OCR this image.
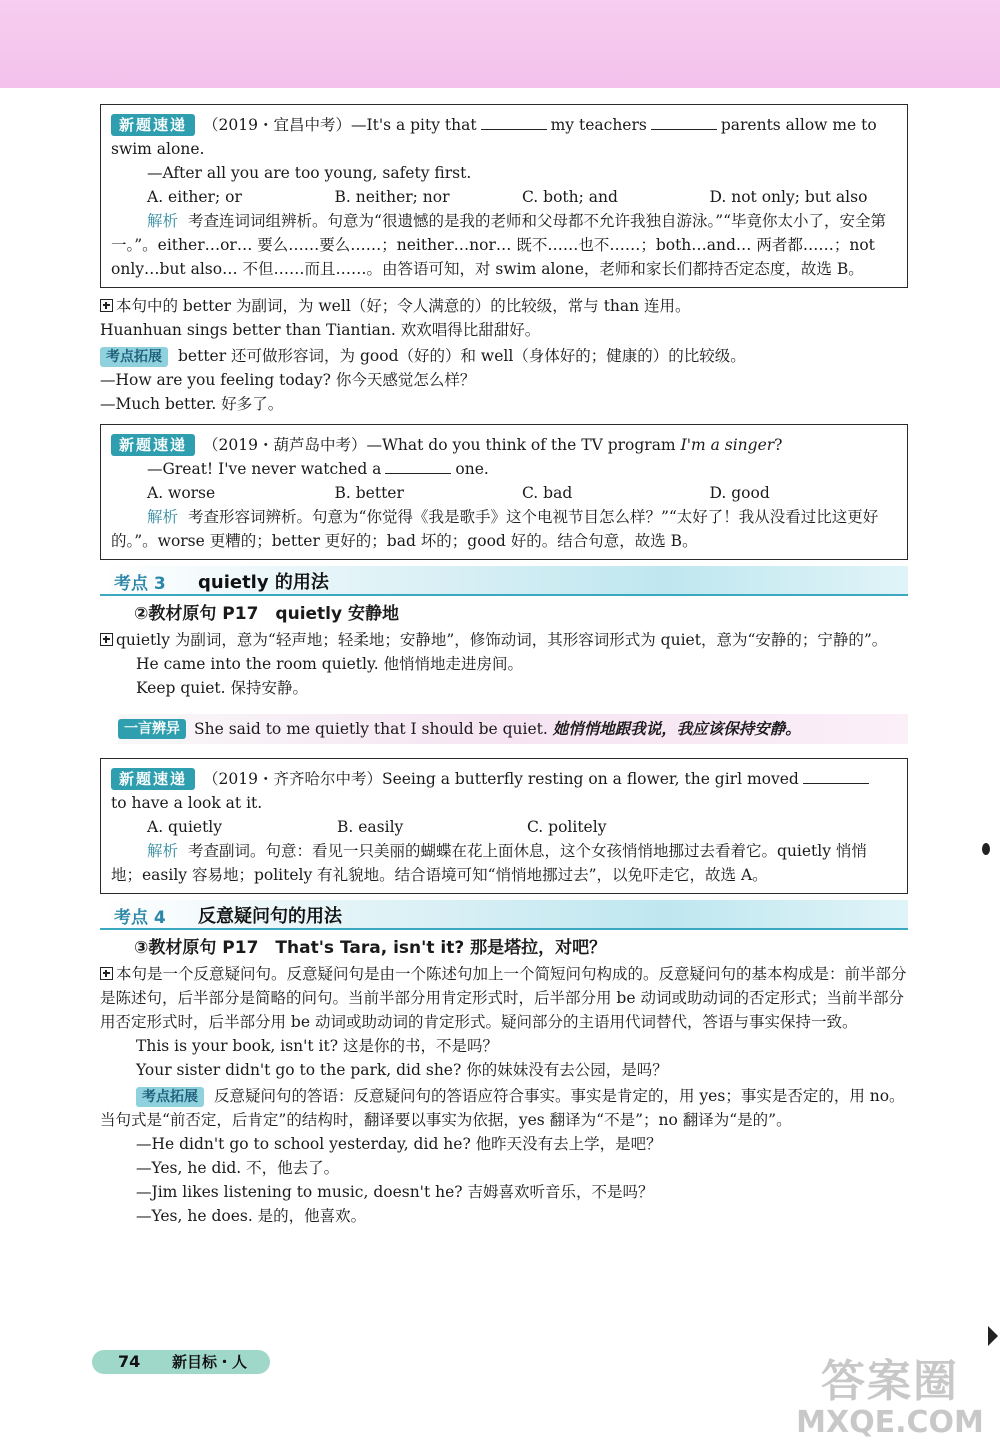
新题速递 （2019・宜昌中考）—It's a pity that	my teachers	parents allow me to
swim alone.
—After all you are too young, safety first.
A. either; or	B. neither; nor	C. both; and	D. not only; but also
解析 考查连词词组辨析。句意为“很遗憾的是我的老师和父母都不允许我独自游泳。”“毕竟你太小了，安全第一。”。either…or… 要么……要么……；neither…nor… 既不……也不……；both…and… 两者都……；not only…but also… 不但……而且……。由答语可知，对 swim alone，老师和家长们都持否定态度，故选 B。

本句中的 better 为副词，为 well（好；令人满意的）的比较级，常与 than 连用。

Huanhuan sings better than Tiantian. 欢欢唱得比甜甜好。

考点拓展 better 还可做形容词，为 good（好的）和 well（身体好的；健康的）的比较级。

—How are you feeling today? 你今天感觉怎么样？

—Much better. 好多了。

新题速递 （2019・葫芦岛中考）—What do you think of the TV program I'm a singer?
—Great! I've never watched a	one.
A. worse	B. better	C. bad	D. good
解析 考查形容词辨析。句意为“你觉得《我是歌手》这个电视节目怎么样？”“太好了！我从没看过比这更好的。”。worse 更糟的；better 更好的；bad 坏的；good 好的。结合句意，故选 B。
考点 3 quietly 的用法
②教材原句 P17　quietly 安静地

quietly 为副词，意为“轻声地；轻柔地；安静地”，修饰动词，其形容词形式为 quiet，意为“安静的；宁静的”。

He came into the room quietly. 他悄悄地走进房间。

Keep quiet. 保持安静。

一言辨异 She said to me quietly that I should be quiet. 她悄悄地跟我说，我应该保持安静。
新题速递 （2019・齐齐哈尔中考）Seeing a butterfly resting on a flower, the girl moved
to have a look at it.
A. quietly	B. easily	C. politely
解析 考查副词。句意：看见一只美丽的蝴蝶在花上面休息，这个女孩悄悄地挪过去看着它。quietly 悄悄地；easily 容易地；politely 有礼貌地。结合语境可知“悄悄地挪过去”，以免吓走它，故选 A。
考点 4 反意疑问句的用法
③教材原句 P17　That's Tara, isn't it? 那是塔拉，对吧？

本句是一个反意疑问句。反意疑问句是由一个陈述句加上一个简短问句构成的。反意疑问句的基本构成是：前半部分是陈述句，后半部分是简略的问句。当前半部分用肯定形式时，后半部分用 be 动词或助动词的否定形式；当前半部分用否定形式时，后半部分用 be 动词或助动词的肯定形式。疑问部分的主语用代词替代，答语与事实保持一致。

This is your book, isn't it? 这是你的书，不是吗？

Your sister didn't go to the park, did she? 你的妹妹没有去公园，是吗？

考点拓展 反意疑问句的答语：反意疑问句的答语应符合事实。事实是肯定的，用 yes；事实是否定的，用 no。当句式是“前否定，后肯定”的结构时，翻译要以事实为依据，yes 翻译为“不是”；no 翻译为“是的”。

—He didn't go to school yesterday, did he? 他昨天没有去上学，是吧？

—Yes, he did. 不，他去了。

—Jim likes listening to music, doesn't he? 吉姆喜欢听音乐，不是吗？

—Yes, he does. 是的，他喜欢。

74 新目标・人	答案圈
MXQE.COM
